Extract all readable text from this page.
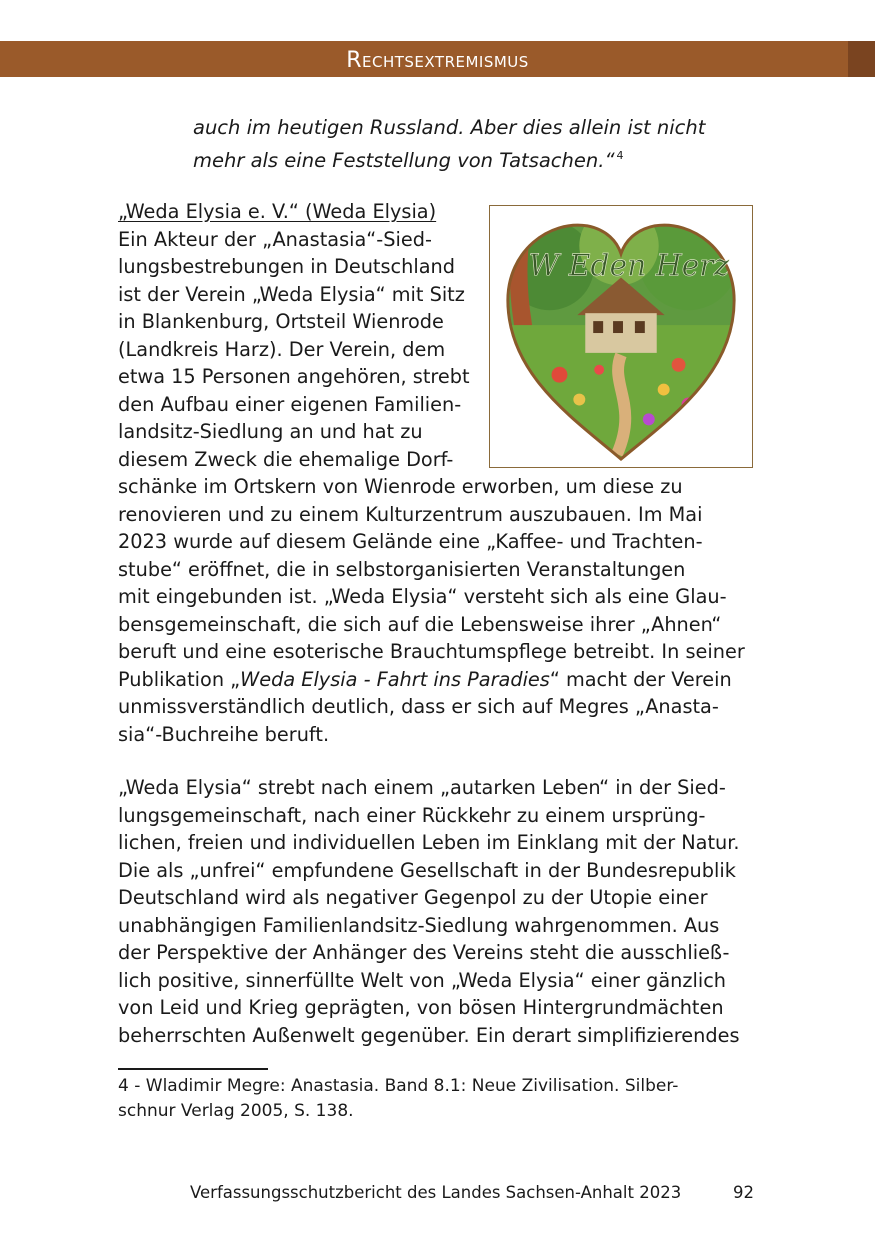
Rechtsextremismus
auch im heutigen Russland. Aber dies allein ist nicht
mehr als eine Feststellung von Tatsachen.“ $^4$
„Weda Elysia e. V.“ (Weda Elysia)
Ein Akteur der „Anastasia“-Sied-
lungsbestrebungen in Deutschland
ist der Verein „Weda Elysia“ mit Sitz
in Blankenburg, Ortsteil Wienrode
(Landkreis Harz). Der Verein, dem
etwa 15 Personen angehören, strebt
den Aufbau einer eigenen Familien-
landsitz-Siedlung an und hat zu
diesem Zweck die ehemalige Dorf-
schänke im Ortskern von Wienrode erworben, um diese zu
renovieren und zu einem Kulturzentrum auszubauen. Im Mai
2023 wurde auf diesem Gelände eine „Kaffee- und Trachten-
stube“ eröffnet, die in selbstorganisierten Veranstaltungen
mit eingebunden ist. „Weda Elysia“ versteht sich als eine Glau-
bensgemeinschaft, die sich auf die Lebensweise ihrer „Ahnen“
beruft und eine esoterische Brauchtumspflege betreibt. In seiner
Publikation „Weda Elysia - Fahrt ins Paradies“ macht der Verein
unmissverständlich deutlich, dass er sich auf Megres „Anasta-
sia“-Buchreihe beruft.
W Eden Herz
„Weda Elysia“ strebt nach einem „autarken Leben“ in der Sied-
lungsgemeinschaft, nach einer Rückkehr zu einem ursprüng-
lichen, freien und individuellen Leben im Einklang mit der Natur.
Die als „unfrei“ empfundene Gesellschaft in der Bundesrepublik
Deutschland wird als negativer Gegenpol zu der Utopie einer
unabhängigen Familienlandsitz-Siedlung wahrgenommen. Aus
der Perspektive der Anhänger des Vereins steht die ausschließ-
lich positive, sinnerfüllte Welt von „Weda Elysia“ einer gänzlich
von Leid und Krieg geprägten, von bösen Hintergrundmächten
beherrschten Außenwelt gegenüber. Ein derart simplifizierendes
4 - Wladimir Megre: Anastasia. Band 8.1: Neue Zivilisation. Silber-
schnur Verlag 2005, S. 138.
Verfassungsschutzbericht des Landes Sachsen-Anhalt 2023	92
